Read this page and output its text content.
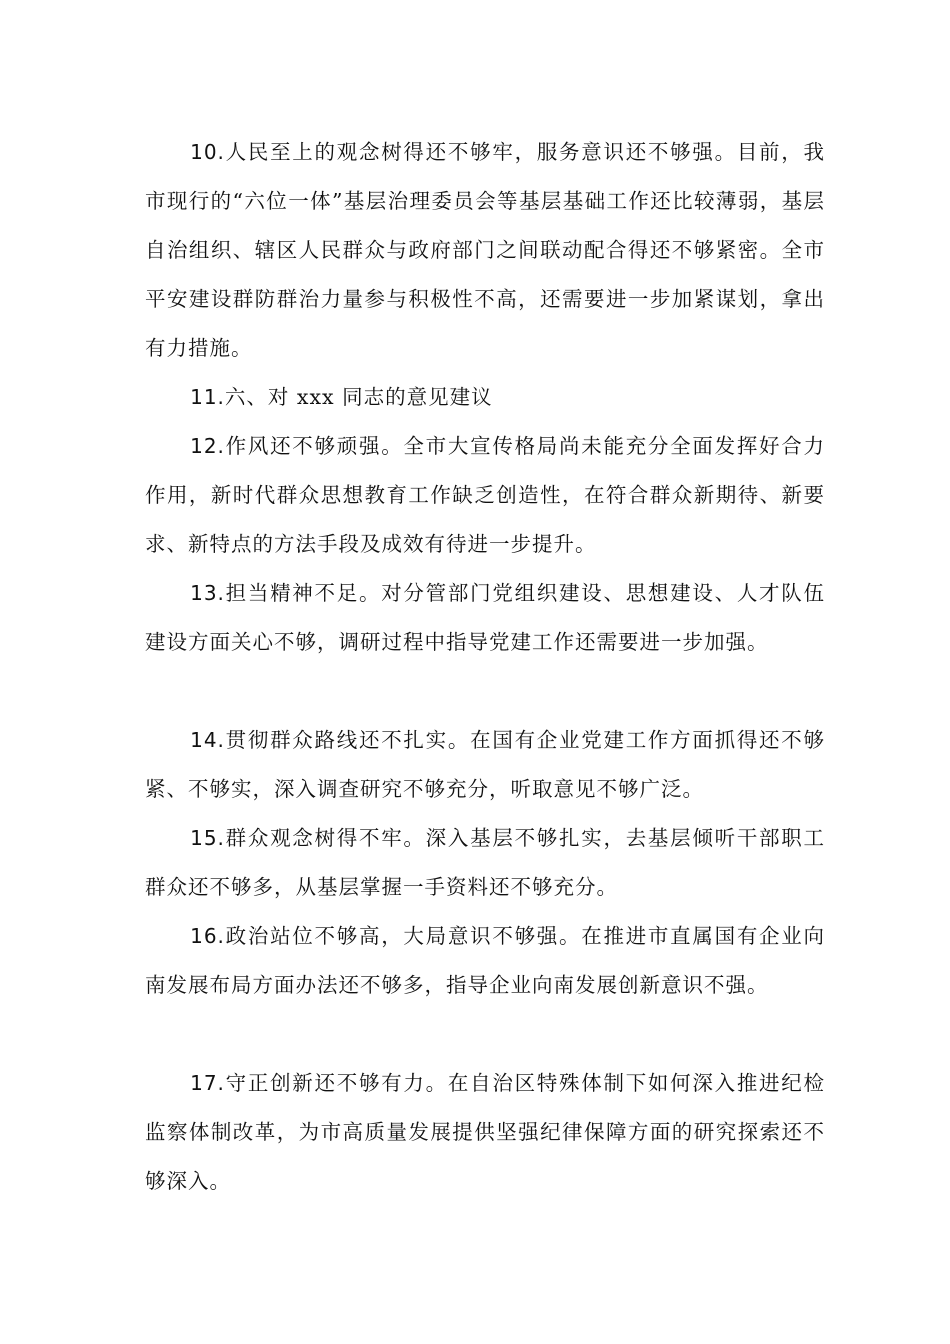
10.人民至上的观念树得还不够牢，服务意识还不够强。目前，我市现行的“六位一体”基层治理委员会等基层基础工作还比较薄弱，基层自治组织、辖区人民群众与政府部门之间联动配合得还不够紧密。全市平安建设群防群治力量参与积极性不高，还需要进一步加紧谋划，拿出有力措施。

11.六、对 xxx 同志的意见建议

12.作风还不够顽强。全市大宣传格局尚未能充分全面发挥好合力作用，新时代群众思想教育工作缺乏创造性，在符合群众新期待、新要求、新特点的方法手段及成效有待进一步提升。

13.担当精神不足。对分管部门党组织建设、思想建设、人才队伍建设方面关心不够，调研过程中指导党建工作还需要进一步加强。

14.贯彻群众路线还不扎实。在国有企业党建工作方面抓得还不够紧、不够实，深入调查研究不够充分，听取意见不够广泛。

15.群众观念树得不牢。深入基层不够扎实，去基层倾听干部职工群众还不够多，从基层掌握一手资料还不够充分。

16.政治站位不够高，大局意识不够强。在推进市直属国有企业向南发展布局方面办法还不够多，指导企业向南发展创新意识不强。

17.守正创新还不够有力。在自治区特殊体制下如何深入推进纪检监察体制改革，为市高质量发展提供坚强纪律保障方面的研究探索还不够深入。
